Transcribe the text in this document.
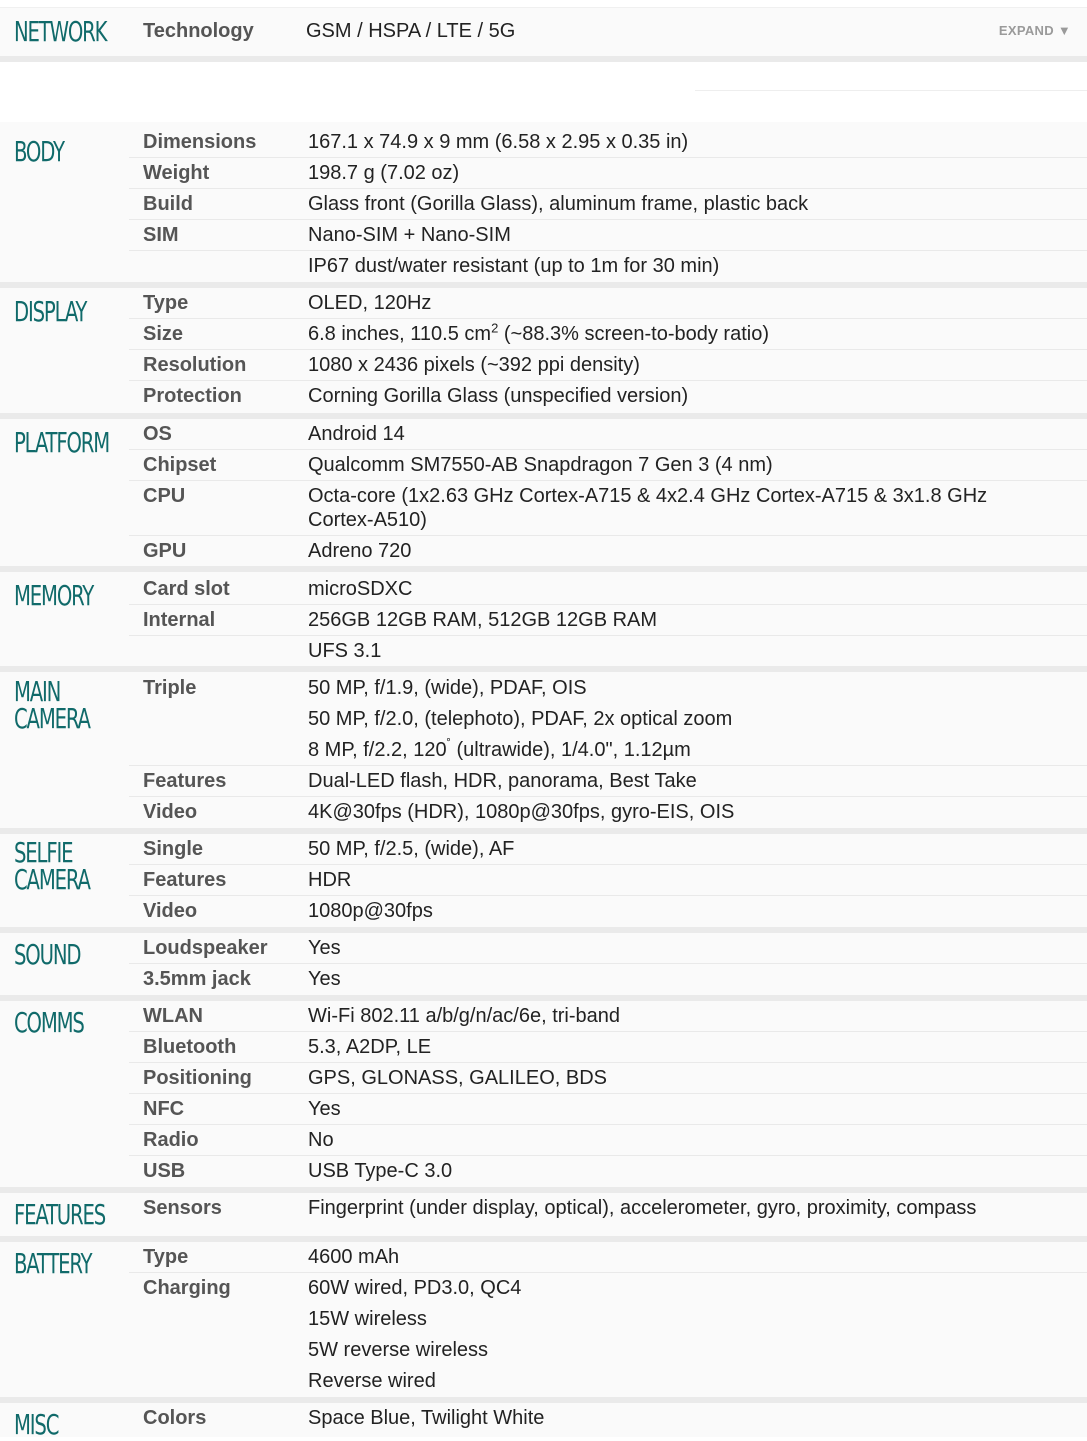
NETWORK Technology	GSM / HSPA / LTE / 5G	EXPAND ▼
BODY	Dimensions	167.1 x 74.9 x 9 mm (6.58 x 2.95 x 0.35 in)
Weight	198.7 g (7.02 oz)
Build	Glass front (Gorilla Glass), aluminum frame, plastic back
SIM	Nano-SIM + Nano-SIM
IP67 dust/water resistant (up to 1m for 30 min)
DISPLAY	Type	OLED, 120Hz
Size	6.8 inches, 110.5 $cm^2$ (~88.3% screen-to-body ratio)
Resolution	1080 x 2436 pixels (~392 ppi density)
Protection	Corning Gorilla Glass (unspecified version)
PLATFORM OS	Android 14
Chipset	Qualcomm SM7550-AB Snapdragon 7 Gen 3 (4 nm)
CPU	Octa-core (1x2.63 GHz Cortex-A715 & 4x2.4 GHz Cortex-A715 & 3x1.8 GHz Cortex-A510)
GPU	Adreno 720
MEMORY	Card slot	microSDXC
Internal	256GB 12GB RAM, 512GB 12GB RAM
UFS 3.1
MAIN
CAMERA
Triple	50 MP, f/1.9, (wide), PDAF, OIS
50 MP, f/2.0, (telephoto), PDAF, 2x optical zoom
8 MP, f/2.2, 120˚ (ultrawide), 1/4.0", 1.12µm
Features	Dual-LED flash, HDR, panorama, Best Take
Video	4K@30fps (HDR), 1080p@30fps, gyro-EIS, OIS
SELFIE
CAMERA
Single	50 MP, f/2.5, (wide), AF
Features	HDR
Video	1080p@30fps
SOUND	Loudspeaker Yes
3.5mm jack	Yes
COMMS	WLAN	Wi-Fi 802.11 a/b/g/n/ac/6e, tri-band
Bluetooth	5.3, A2DP, LE
Positioning	GPS, GLONASS, GALILEO, BDS
NFC	Yes
Radio	No
USB	USB Type-C 3.0
FEATURES Sensors	Fingerprint (under display, optical), accelerometer, gyro, proximity, compass
BATTERY	Type	4600 mAh
Charging	60W wired, PD3.0, QC4
15W wireless
5W reverse wireless
Reverse wired
MISC	Colors	Space Blue, Twilight White
